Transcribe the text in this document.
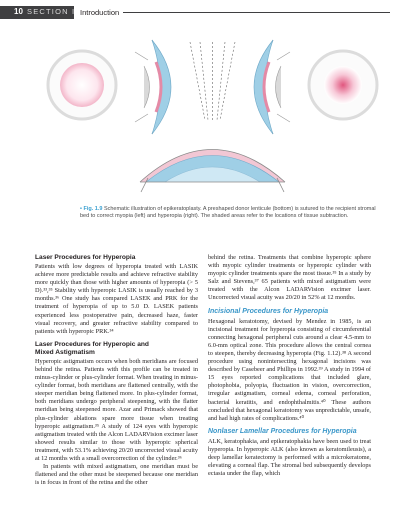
10 SECTION I Introduction
• Fig. 1.9 Schematic illustration of epikeratoplasty. A preshaped donor lenticule (bottom) is sutured to the recipient stromal bed to correct myopia (left) and hyperopia (right). The shaded areas refer to the locations of tissue subtraction.
Laser Procedures for Hyperopia

Patients with low degrees of hyperopia treated with LASIK achieve more predictable results and achieve refractive stability more quickly than those with higher amounts of hyperopia (> 5 D).³³,³⁵ Stability with hyperopic LASIK is usually reached by 3 months.³⁶ One study has compared LASEK and PRK for the treatment of hyperopia of up to 5.0 D. LASEK patients experienced less postoperative pain, decreased haze, faster visual recovery, and greater refractive stability compared to patients with hyperopic PRK.³⁴

Laser Procedures for Hyperopic and
Mixed Astigmatism

Hyperopic astigmatism occurs when both meridians are focused behind the retina. Patients with this profile can be treated in minus-cylinder or plus-cylinder format. When treating in minus-cylinder format, both meridians are flattened centrally, with the steeper meridian being flattened more. In plus-cylinder format, both meridians undergo peripheral steepening, with the flatter meridian being steepened more. Azar and Primack showed that plus-cylinder ablations spare more tissue when treating hyperopic astigmatism.³⁵ A study of 124 eyes with hyperopic astigmatism treated with the Alcon LADARVision excimer laser showed results similar to those with hyperopic spherical treatment, with 53.1% achieving 20/20 uncorrected visual acuity at 12 months with a small overcorrection of the cylinder.³⁶

In patients with mixed astigmatism, one meridian must be flattened and the other must be steepened because one meridian is in focus in front of the retina and the other

behind the retina. Treatments that combine hyperopic sphere with myopic cylinder treatments or hyperopic cylinder with myopic cylinder treatments spare the most tissue.³⁵ In a study by Salz and Stevens,³⁷ 65 patients with mixed astigmatism were treated with the Alcon LADARVision excimer laser. Uncorrected visual acuity was 20/20 in 52% at 12 months.

Incisional Procedures for Hyperopia

Hexagonal keratotomy, devised by Mendez in 1985, is an incisional treatment for hyperopia consisting of circumferential connecting hexagonal peripheral cuts around a clear 4.5-mm to 6.0-mm optical zone. This procedure allows the central cornea to steepen, thereby decreasing hyperopia (Fig. 1.12).³⁸ A second procedure using nonintersecting hexagonal incisions was described by Casebeer and Phillips in 1992.³⁹ A study in 1994 of 15 eyes reported complications that included glare, photophobia, polyopia, fluctuation in vision, overcorrection, irregular astigmatism, corneal edema, corneal perforation, bacterial keratitis, and endophthalmitis.⁴⁰ These authors concluded that hexagonal keratotomy was unpredictable, unsafe, and had high rates of complications.⁴⁰

Nonlaser Lamellar Procedures for Hyperopia

ALK, keratophakia, and epikeratophakia have been used to treat hyperopia. In hyperopic ALK (also known as keratomileusis), a deep lamellar keratectomy is performed with a microkeratome, elevating a corneal flap. The stromal bed subsequently develops ectasia under the flap, which
